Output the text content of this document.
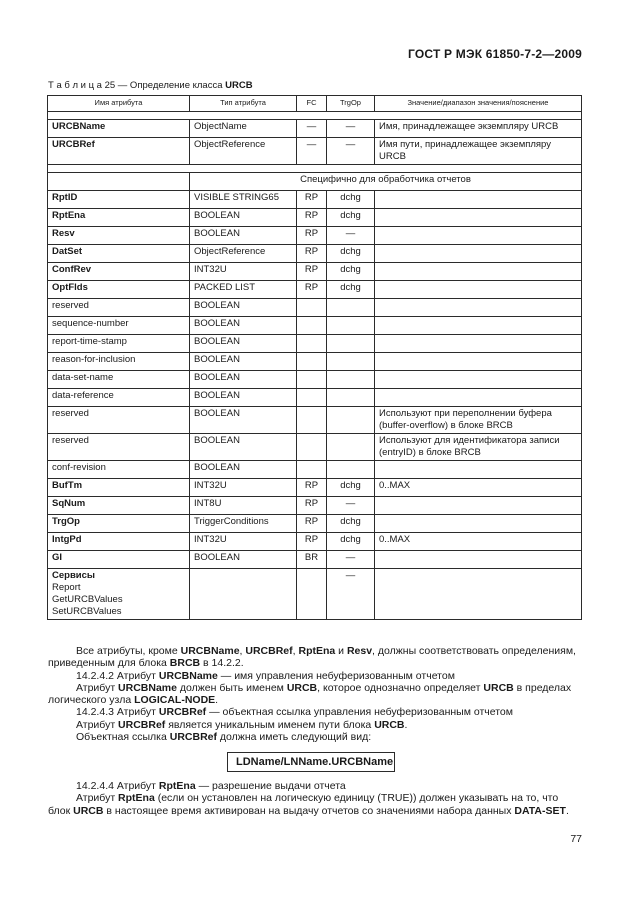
ГОСТ Р МЭК 61850-7-2—2009
Т а б л и ц а 25 — Определение класса URCB
Имя атрибута	Тип атрибута	FC	TrgOp	Значение/диапазон значения/пояснение

URCBName	ObjectName	—	—	Имя, принадлежащее экземпляру URCB
URCBRef	ObjectReference	—	—	Имя пути, принадлежащее экземпляру URCB

	Специфично для обработчика отчетов			
RptID	VISIBLE STRING65	RP	dchg	
RptEna	BOOLEAN	RP	dchg	
Resv	BOOLEAN	RP	—	
DatSet	ObjectReference	RP	dchg	
ConfRev	INT32U	RP	dchg	
OptFlds	PACKED LIST	RP	dchg	
reserved	BOOLEAN			
sequence-number	BOOLEAN			
report-time-stamp	BOOLEAN			
reason-for-inclusion	BOOLEAN			
data-set-name	BOOLEAN			
data-reference	BOOLEAN			
reserved	BOOLEAN			Используют при переполнении буфера (buffer-overflow) в блоке BRCB
reserved	BOOLEAN			Используют для идентификатора записи (entryID) в блоке BRCB
conf-revision	BOOLEAN			
BufTm	INT32U	RP	dchg	0..MAX
SqNum	INT8U	RP	—	
TrgOp	TriggerConditions	RP	dchg	
IntgPd	INT32U	RP	dchg	0..MAX
GI	BOOLEAN	BR	—	
Сервисы
Report
GetURCBValues
SetURCBValues			—	

Все атрибуты, кроме URCBName, URCBRef, RptEna и Resv, должны соответствовать определениям, приведенным для блока BRCB в 14.2.2.

14.2.4.2 Атрибут URCBName — имя управления небуферизованным отчетом

Атрибут URCBName должен быть именем URCB, которое однозначно определяет URCB в пределах логического узла LOGICAL-NODE.

14.2.4.3 Атрибут URCBRef — объектная ссылка управления небуферизованным отчетом

Атрибут URCBRef является уникальным именем пути блока URCB.

Объектная ссылка URCBRef должна иметь следующий вид:

LDName/LNName.URCBName

14.2.4.4 Атрибут RptEna — разрешение выдачи отчета

Атрибут RptEna (если он установлен на логическую единицу (TRUE)) должен указывать на то, что блок URCB в настоящее время активирован на выдачу отчетов со значениями набора данных DATA-SET.

77
